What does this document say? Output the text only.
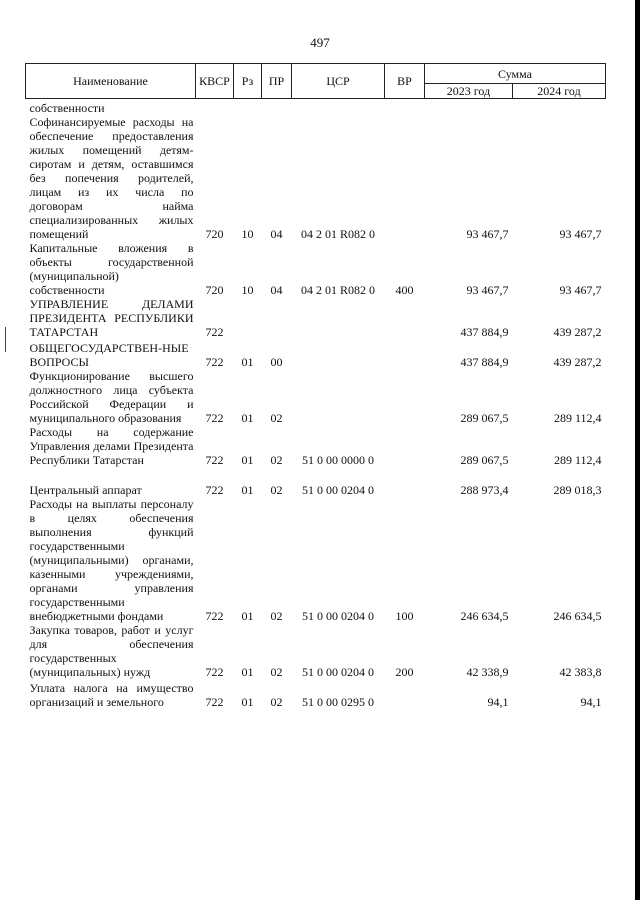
497
Наименование	КВСР	Рз	ПР	ЦСР	ВР	Сумма	
						2023 год	2024 год
собственности							
Софинансируемые расходы на обеспечение предоставления жилых помещений детям-сиротам и детям, оставшимся без попечения родителей, лицам из их числа по договорам найма специализированных жилых помещений	720	10	04	04 2 01 R082 0		93 467,7	93 467,7
Капитальные вложения в объекты государственной (муниципальной) собственности	720	10	04	04 2 01 R082 0	400	93 467,7	93 467,7
УПРАВЛЕНИЕ ДЕЛАМИ ПРЕЗИДЕНТА РЕСПУБЛИКИ ТАТАРСТАН	722					437 884,9	439 287,2
ОБЩЕГОСУДАРСТВЕН-НЫЕ ВОПРОСЫ	722	01	00			437 884,9	439 287,2
Функционирование высшего должностного лица субъекта Российской Федерации и муниципального образования	722	01	02			289 067,5	289 112,4
Расходы на содержание Управления делами Президента Республики Татарстан	722	01	02	51 0 00 0000 0		289 067,5	289 112,4
Центральный аппарат	722	01	02	51 0 00 0204 0		288 973,4	289 018,3
Расходы на выплаты персоналу в целях обеспечения выполнения функций государственными (муниципальными) органами, казенными учреждениями, органами управления государственными внебюджетными фондами	722	01	02	51 0 00 0204 0	100	246 634,5	246 634,5
Закупка товаров, работ и услуг для обеспечения государственных (муниципальных) нужд	722	01	02	51 0 00 0204 0	200	42 338,9	42 383,8
Уплата налога на имущество организаций и земельного	722	01	02	51 0 00 0295 0		94,1	94,1
